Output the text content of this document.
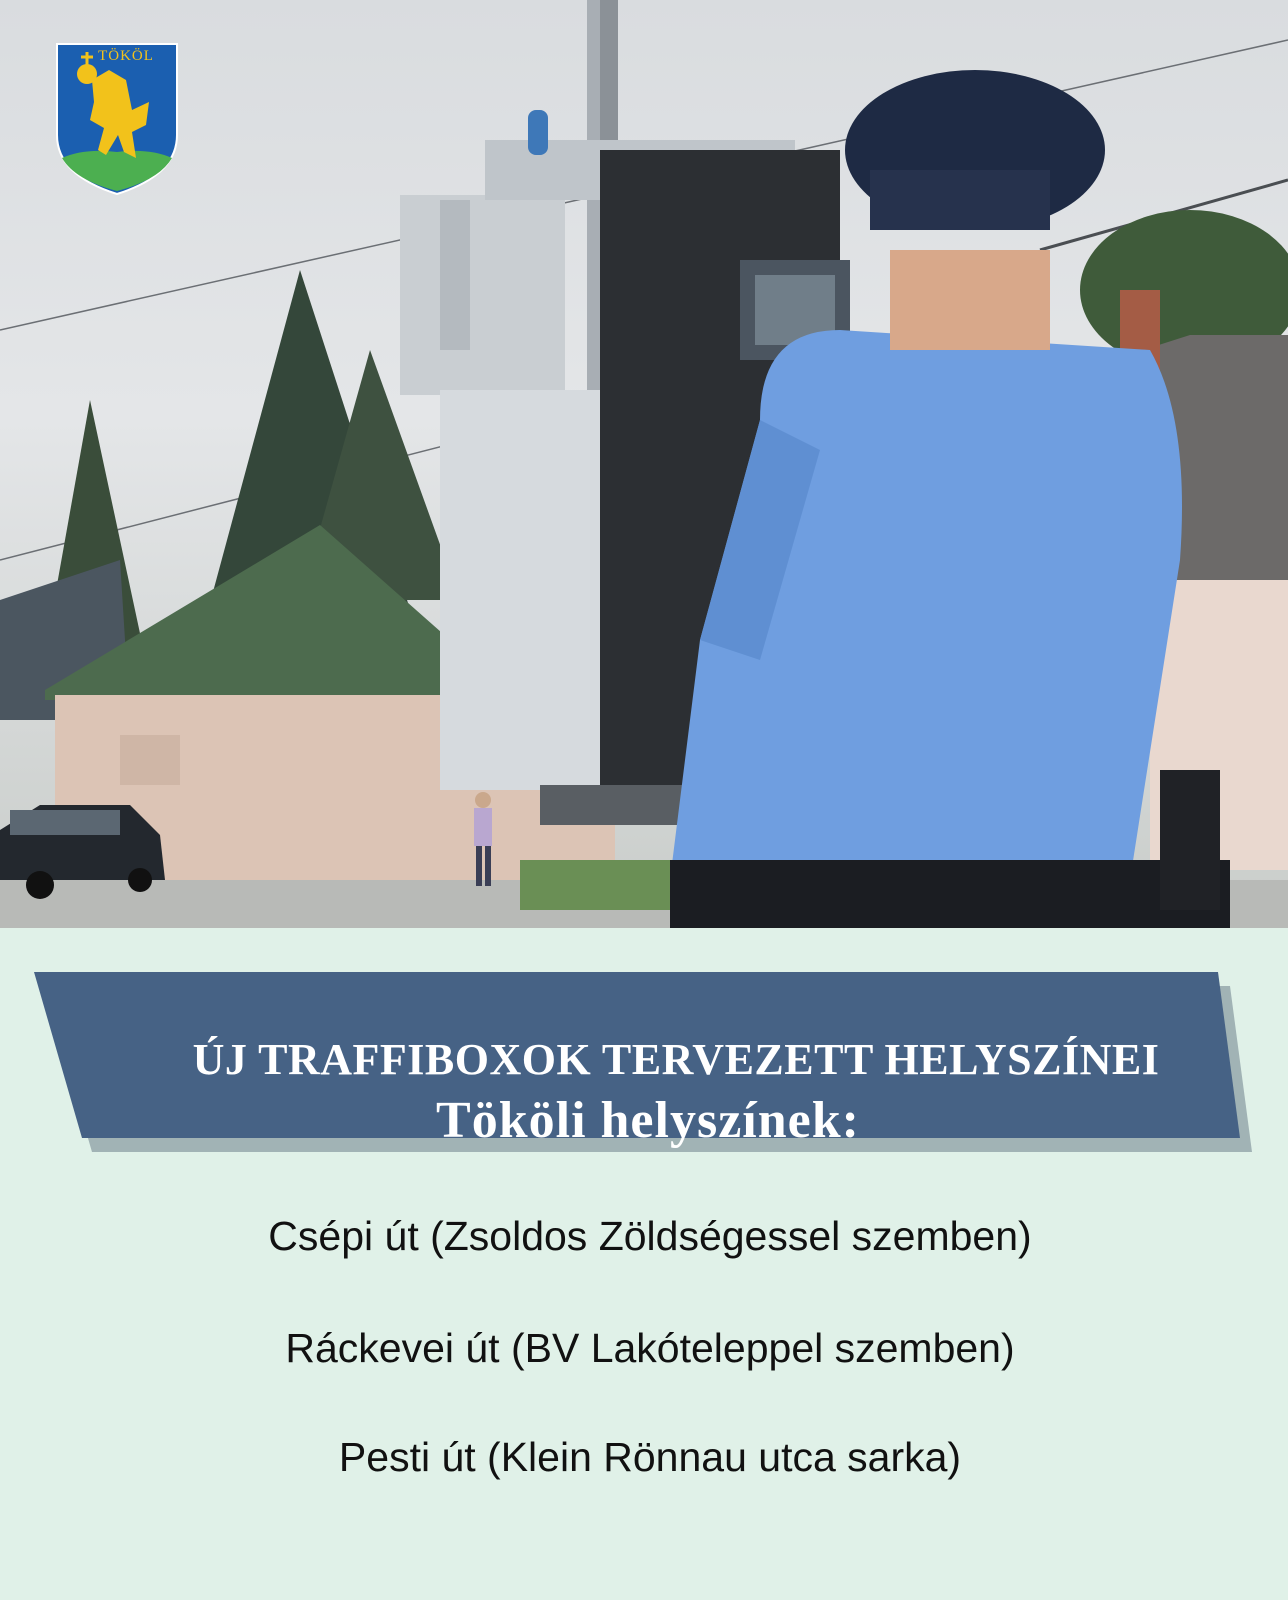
TÖKÖL
ÚJ TRAFFIBOXOK TERVEZETT HELYSZÍNEI
Tököli helyszínek:
Csépi út (Zsoldos Zöldségessel szemben)
Ráckevei út (BV Lakóteleppel szemben)
Pesti út (Klein Rönnau utca sarka)
